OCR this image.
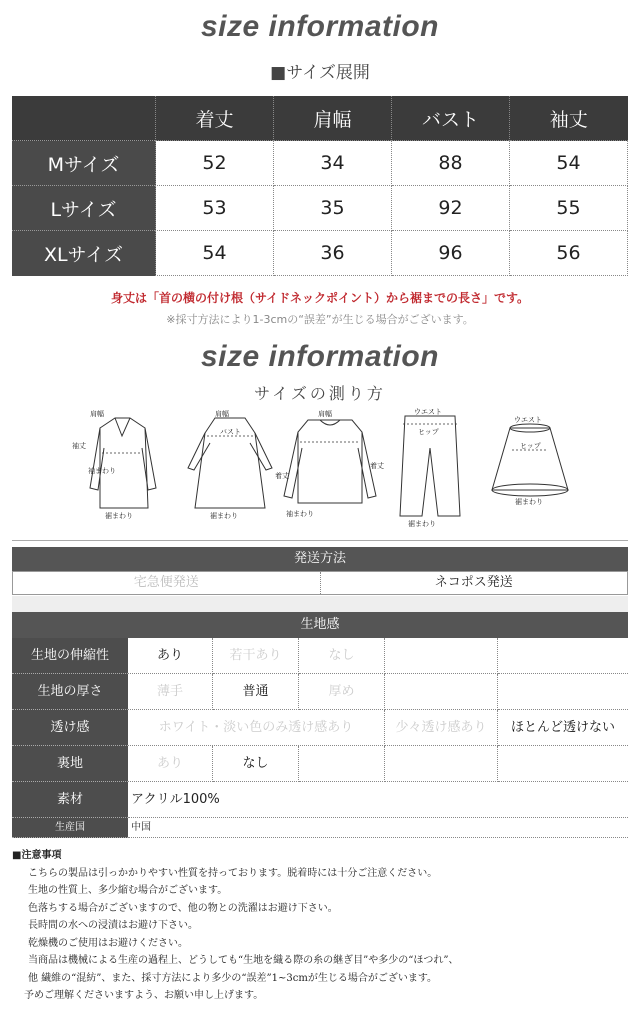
size information
■サイズ展開
	着丈	肩幅	バスト	袖丈
Mサイズ	52	34	88	54
Lサイズ	53	35	92	55
XLサイズ	54	36	96	56
身丈は「首の横の付け根（サイドネックポイント）から裾までの長さ」です。
※採寸方法により1-3cmの“誤差”が生じる場合がございます。
size information
サイズの測り方
肩幅
袖丈
袖まわり
裾まわり
肩幅
バスト
着丈
裾まわり
肩幅
着丈
袖まわり
ウエスト
ヒップ
裾まわり
ウエスト
ヒップ
裾まわり
発送方法
宅急便発送	ネコポス発送
生地感
生地の伸縮性	あり	若干あり	なし
生地の厚さ	薄手	普通	厚め
透け感	ホワイト・淡い色のみ透け感あり	少々透け感あり	ほとんど透けない
裏地	あり	なし
素材	アクリル100%
生産国	中国
■注意事項
こちらの製品は引っかかりやすい性質を持っております。脱着時には十分ご注意ください。
生地の性質上、多少縮む場合がございます。
色落ちする場合がございますので、他の物との洗濯はお避け下さい。
長時間の水への浸漬はお避け下さい。
乾燥機のご使用はお避けください。
当商品は機械による生産の過程上、どうしても“生地を織る際の糸の継ぎ目”や多少の“ほつれ”、
他 繊維の“混紡”、また、採寸方法により多少の“誤差”1~3cmが生じる場合がございます。
予めご理解くださいますよう、お願い申し上げます。
